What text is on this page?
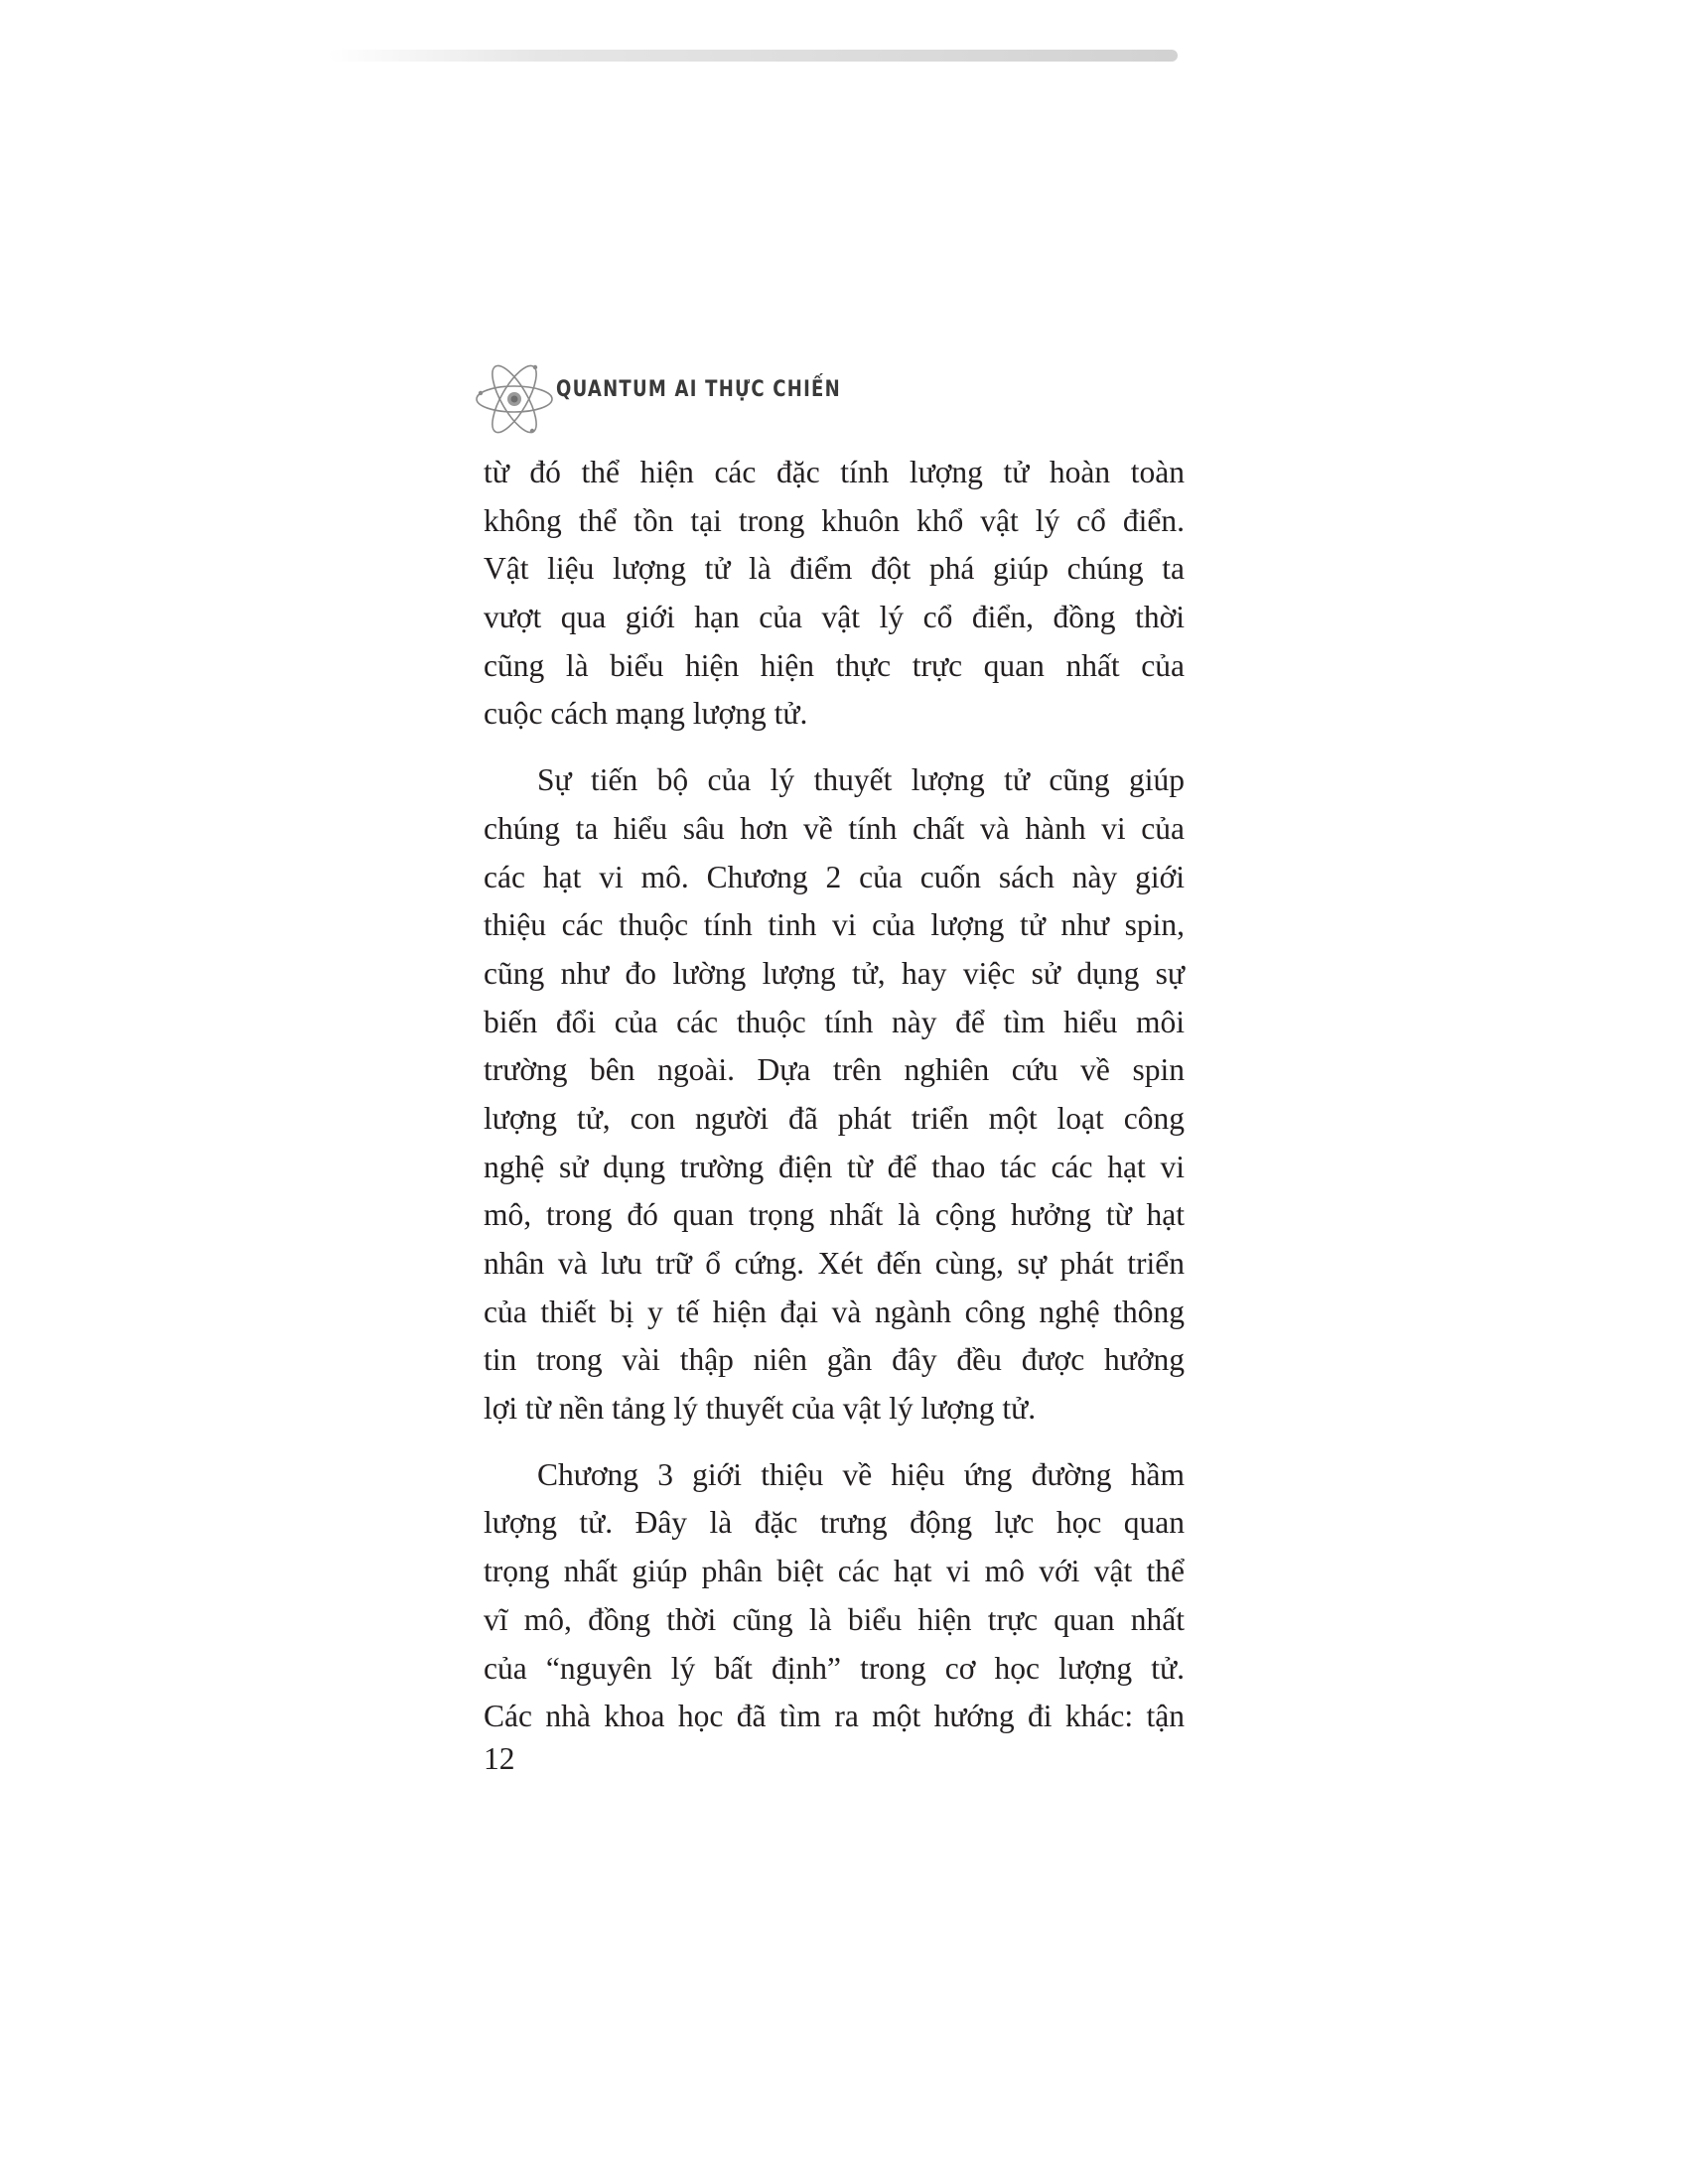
QUANTUM AI THỰC CHIẾN
từ đó thể hiện các đặc tính lượng tử hoàn toàn
không thể tồn tại trong khuôn khổ vật lý cổ điển.
Vật liệu lượng tử là điểm đột phá giúp chúng ta
vượt qua giới hạn của vật lý cổ điển, đồng thời
cũng là biểu hiện hiện thực trực quan nhất của
cuộc cách mạng lượng tử.
Sự tiến bộ của lý thuyết lượng tử cũng giúp
chúng ta hiểu sâu hơn về tính chất và hành vi của
các hạt vi mô. Chương 2 của cuốn sách này giới
thiệu các thuộc tính tinh vi của lượng tử như spin,
cũng như đo lường lượng tử, hay việc sử dụng sự
biến đổi của các thuộc tính này để tìm hiểu môi
trường bên ngoài. Dựa trên nghiên cứu về spin
lượng tử, con người đã phát triển một loạt công
nghệ sử dụng trường điện từ để thao tác các hạt vi
mô, trong đó quan trọng nhất là cộng hưởng từ hạt
nhân và lưu trữ ổ cứng. Xét đến cùng, sự phát triển
của thiết bị y tế hiện đại và ngành công nghệ thông
tin trong vài thập niên gần đây đều được hưởng
lợi từ nền tảng lý thuyết của vật lý lượng tử.
Chương 3 giới thiệu về hiệu ứng đường hầm
lượng tử. Đây là đặc trưng động lực học quan
trọng nhất giúp phân biệt các hạt vi mô với vật thể
vĩ mô, đồng thời cũng là biểu hiện trực quan nhất
của “nguyên lý bất định” trong cơ học lượng tử.
Các nhà khoa học đã tìm ra một hướng đi khác: tận
12
